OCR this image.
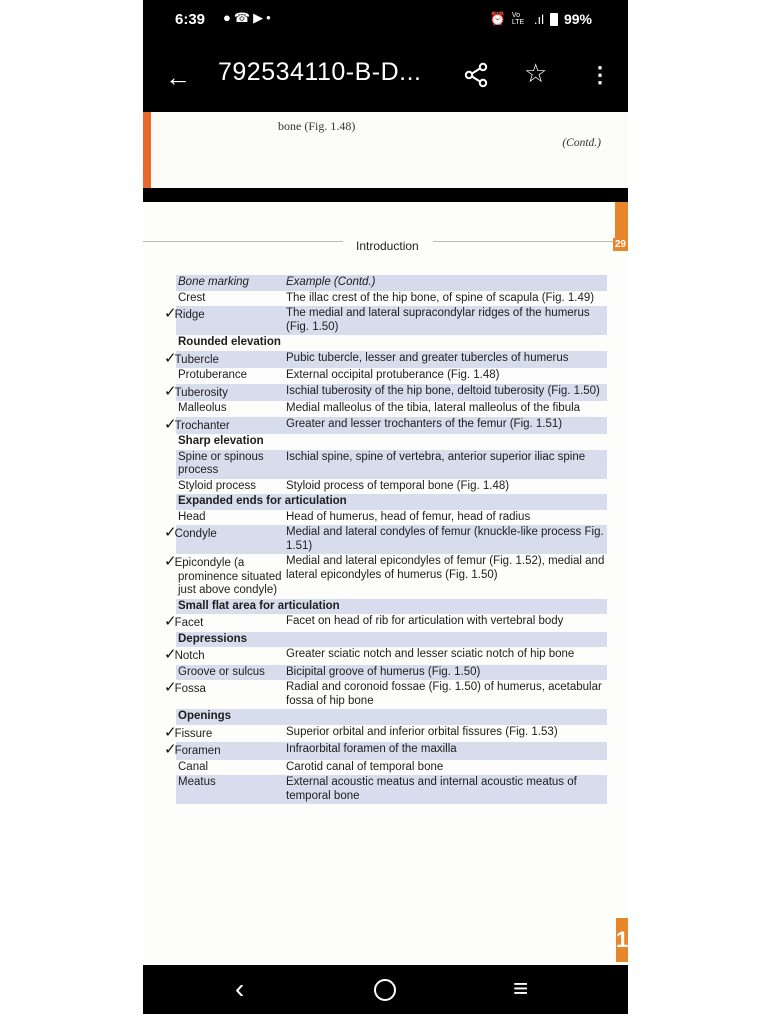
6:39 ●☎▶•	⏰ Vo LTE .ıl 99%
← 792534110-B-D...	☆ ⋮
bone (Fig. 1.48)
(Contd.)
29
Introduction
Bone marking	Example (Contd.)
Crest	The illac crest of the hip bone, of spine of scapula (Fig. 1.49)
✓Ridge	The medial and lateral supracondylar ridges of the humerus (Fig. 1.50)
Rounded elevation	
✓Tubercle	Pubic tubercle, lesser and greater tubercles of humerus
Protuberance	External occipital protuberance (Fig. 1.48)
✓Tuberosity	Ischial tuberosity of the hip bone, deltoid tuberosity (Fig. 1.50)
Malleolus	Medial malleolus of the tibia, lateral malleolus of the fibula
✓Trochanter	Greater and lesser trochanters of the femur (Fig. 1.51)
Sharp elevation	
Spine or spinous process	Ischial spine, spine of vertebra, anterior superior iliac spine
Styloid process	Styloid process of temporal bone (Fig. 1.48)
Expanded ends for articulation	
Head	Head of humerus, head of femur, head of radius
✓Condyle	Medial and lateral condyles of femur (knuckle-like process Fig. 1.51)
✓Epicondyle (a prominence situated just above condyle)	Medial and lateral epicondyles of femur (Fig. 1.52), medial and lateral epicondyles of humerus (Fig. 1.50)
Small flat area for articulation	
✓Facet	Facet on head of rib for articulation with vertebral body
Depressions	
✓Notch	Greater sciatic notch and lesser sciatic notch of hip bone
Groove or sulcus	Bicipital groove of humerus (Fig. 1.50)
✓Fossa	Radial and coronoid fossae (Fig. 1.50) of humerus, acetabular fossa of hip bone
Openings	
✓Fissure	Superior orbital and inferior orbital fissures (Fig. 1.53)
✓Foramen	Infraorbital foramen of the maxilla
Canal	Carotid canal of temporal bone
Meatus	External acoustic meatus and internal acoustic meatus of temporal bone
1
‹	≡
